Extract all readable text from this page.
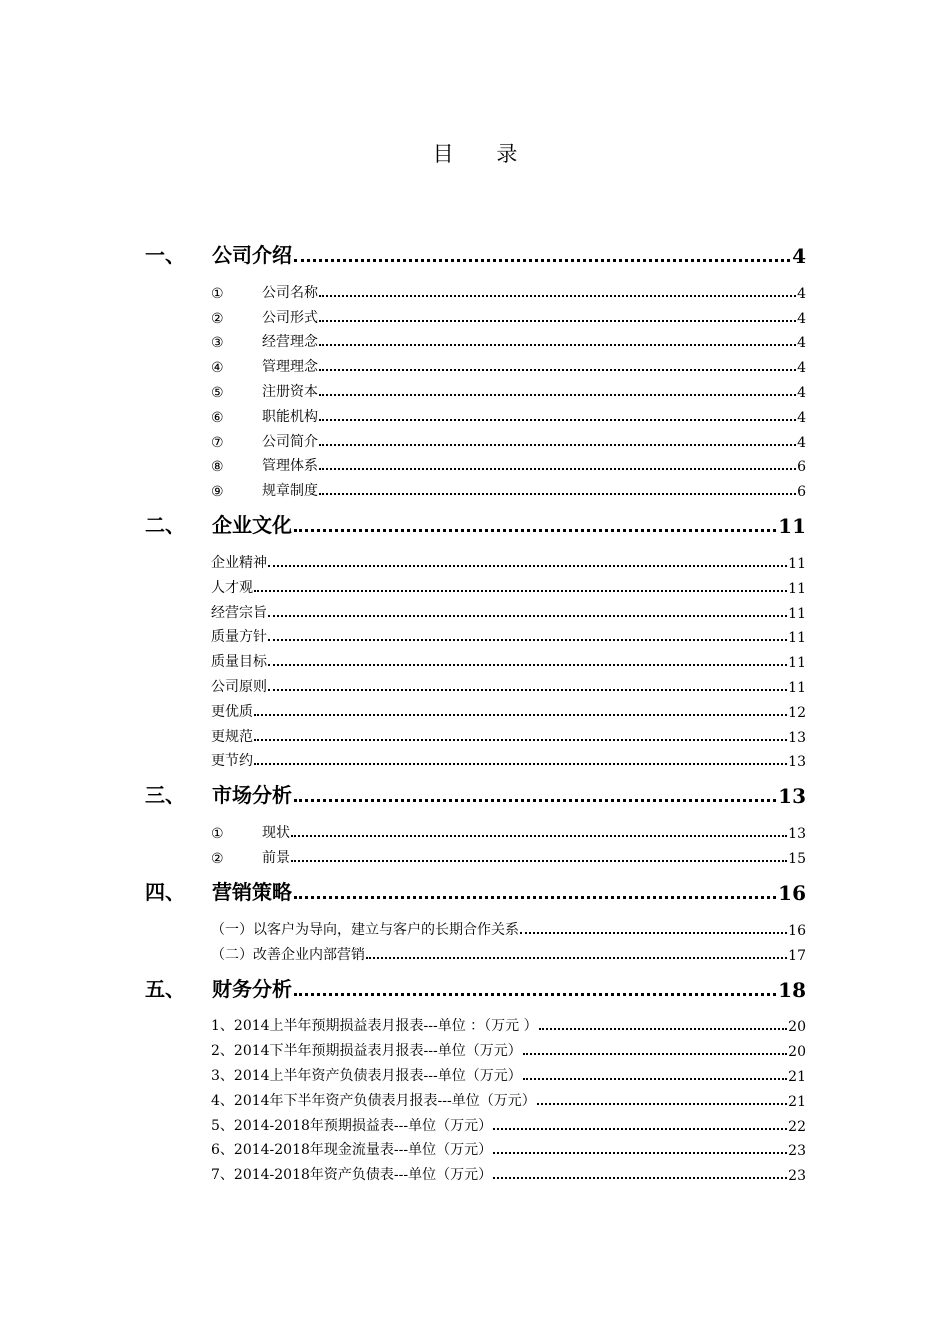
目 录
一、	公司介绍	4
①	公司名称	4
②	公司形式	4
③	经营理念	4
④	管理理念	4
⑤	注册资本	4
⑥	职能机构	4
⑦	公司简介	4
⑧	管理体系	6
⑨	规章制度	6
二、	企业文化	11
企业精神	11
人才观	11
经营宗旨	11
质量方针	11
质量目标	11
公司原则	11
更优质	12
更规范	13
更节约	13
三、	市场分析	13
①	现状	13
②	前景	15
四、	营销策略	16
（一）以客户为导向，建立与客户的长期合作关系	16
（二）改善企业内部营销	17
五、	财务分析	18
1、2014上半年预期损益表月报表---单位 ：（万元 ）	20
2、2014下半年预期损益表月报表---单位（万元）	20
3、2014上半年资产负债表月报表---单位（万元）	21
4、2014年下半年资产负债表月报表---单位（万元）	21
5、2014-2018年预期损益表---单位（万元）	22
6、2014-2018年现金流量表---单位（万元）	23
7、2014-2018年资产负债表---单位（万元）	23
